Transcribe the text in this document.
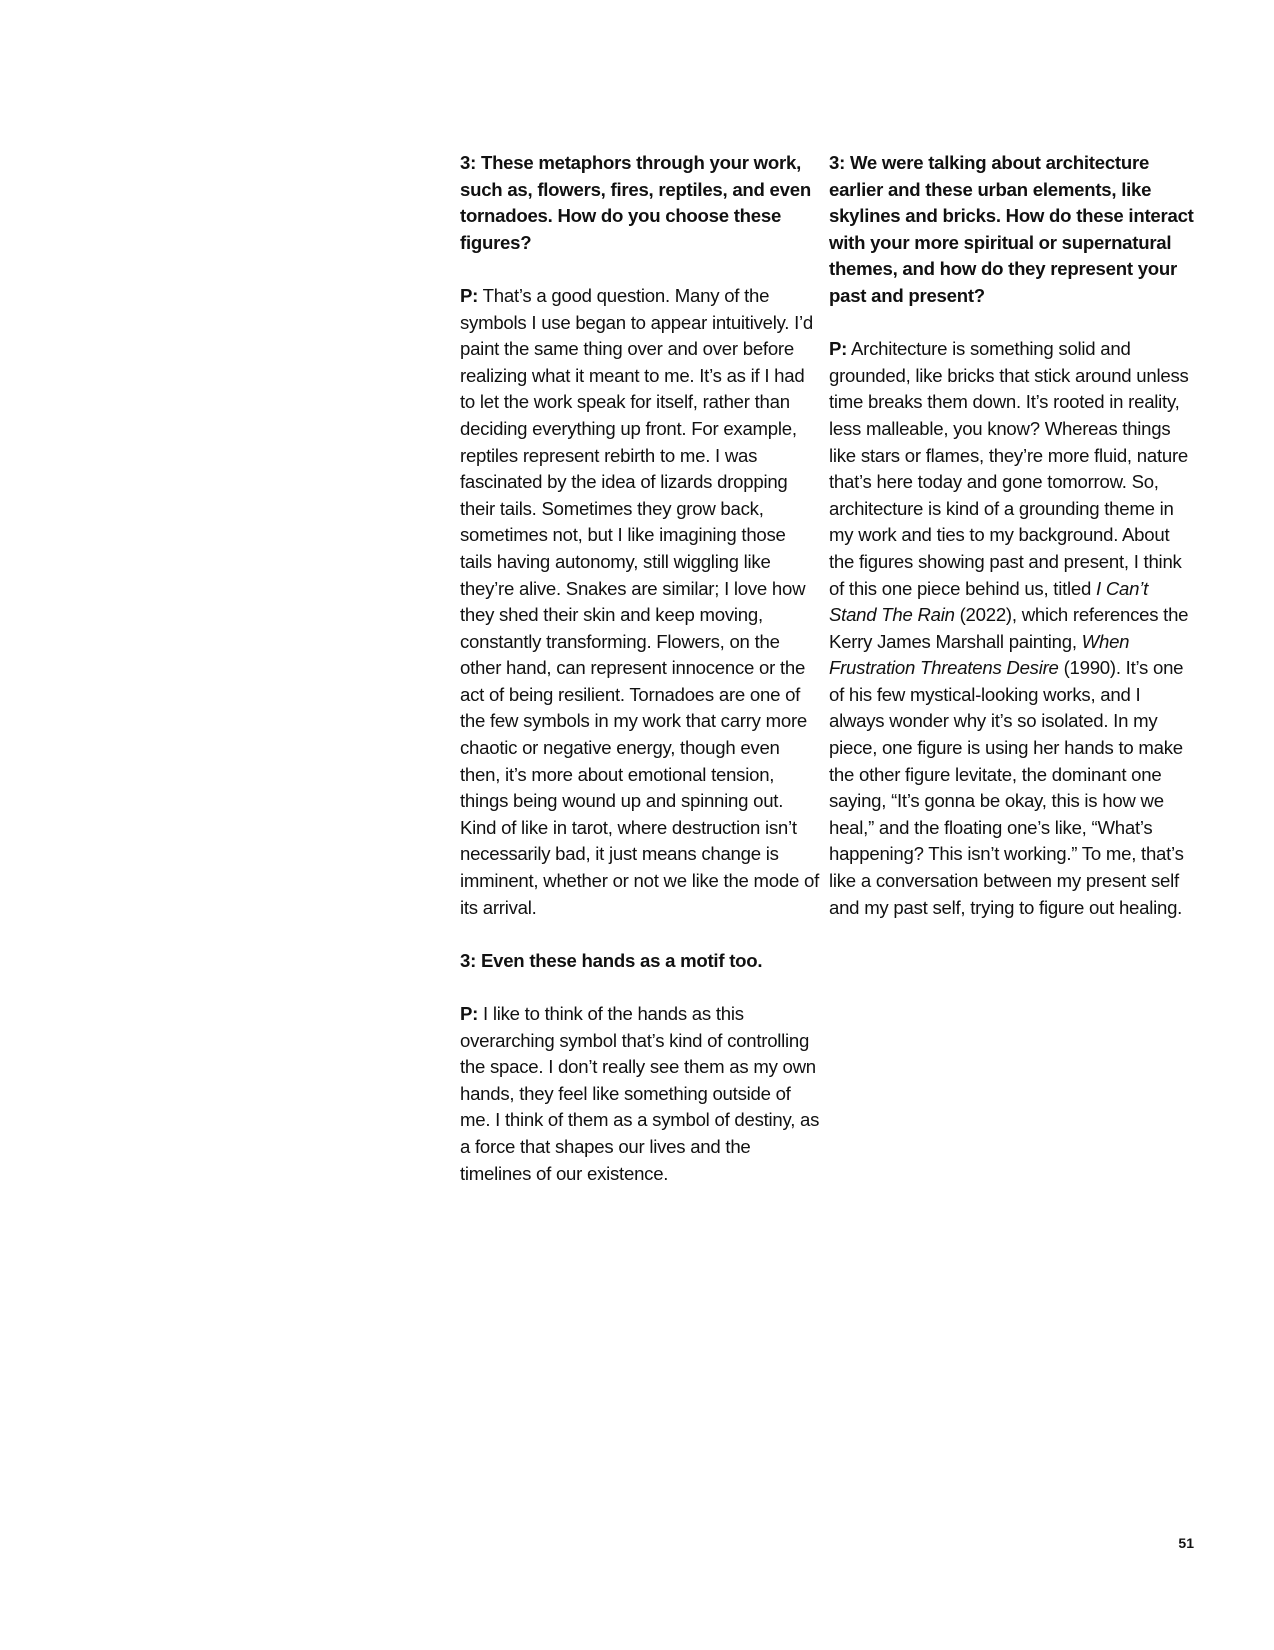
3: These metaphors through your work, such as, flowers, fires, reptiles, and even tornadoes. How do you choose these figures?

P: That’s a good question. Many of the symbols I use began to appear intuitively. I’d paint the same thing over and over before realizing what it meant to me. It’s as if I had to let the work speak for itself, rather than deciding everything up front. For example, reptiles represent rebirth to me. I was fascinated by the idea of lizards dropping their tails. Sometimes they grow back, sometimes not, but I like imagining those tails having autonomy, still wiggling like they’re alive. Snakes are similar; I love how they shed their skin and keep moving, constantly transforming. Flowers, on the other hand, can represent innocence or the act of being resilient. Tornadoes are one of the few symbols in my work that carry more chaotic or negative energy, though even then, it’s more about emotional tension, things being wound up and spinning out. Kind of like in tarot, where destruction isn’t necessarily bad, it just means change is imminent, whether or not we like the mode of its arrival.

3: Even these hands as a motif too.

P: I like to think of the hands as this overarching symbol that’s kind of controlling the space. I don’t really see them as my own hands, they feel like something outside of me. I think of them as a symbol of destiny, as a force that shapes our lives and the timelines of our existence.

3: We were talking about architecture earlier and these urban elements, like skylines and bricks. How do these interact with your more spiritual or supernatural themes, and how do they represent your past and present?

P: Architecture is something solid and grounded, like bricks that stick around unless time breaks them down. It’s rooted in reality, less malleable, you know? Whereas things like stars or flames, they’re more fluid, nature that’s here today and gone tomorrow. So, architecture is kind of a grounding theme in my work and ties to my background. About the figures showing past and present, I think of this one piece behind us, titled I Can’t Stand The Rain (2022), which references the Kerry James Marshall painting, When Frustration Threatens Desire (1990). It’s one of his few mystical-looking works, and I always wonder why it’s so isolated. In my piece, one figure is using her hands to make the other figure levitate, the dominant one saying, “It’s gonna be okay, this is how we heal,” and the floating one’s like, “What’s happening? This isn’t working.” To me, that’s like a conversation between my present self and my past self, trying to figure out healing.

51
